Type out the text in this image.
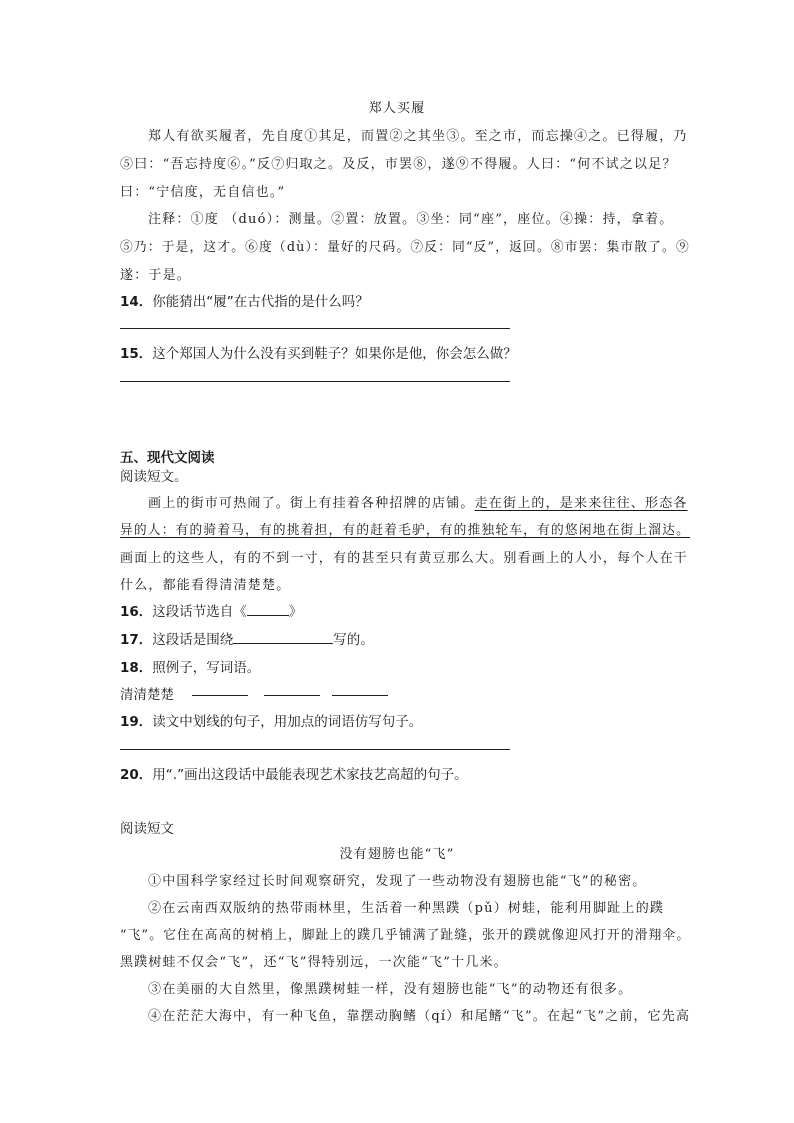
郑人买履
郑人有欲买履者，先自度①其足，而置②之其坐③。至之市，而忘操④之。已得履，乃
⑤曰：“吾忘持度⑥。”反⑦归取之。及反，市罢⑧，遂⑨不得履。人曰：“何不试之以足？
曰：“宁信度，无自信也。”
注释：①度 （duó）：测量。②置：放置。③坐：同“座”，座位。④操：持，拿着。
⑤乃：于是，这才。⑥度（dù）：量好的尺码。⑦反：同“反”，返回。⑧市罢：集市散了。⑨
遂：于是。
14．你能猜出“履”在古代指的是什么吗？
15．这个郑国人为什么没有买到鞋子？如果你是他，你会怎么做？
五、现代文阅读
阅读短文。
画上的街市可热闹了。街上有挂着各种招牌的店铺。走在街上的，是来来往往、形态各
异的人：有的骑着马，有的挑着担，有的赶着毛驴，有的推独轮车，有的悠闲地在街上溜达。
画面上的这些人，有的不到一寸，有的甚至只有黄豆那么大。别看画上的人小，每个人在干
什么，都能看得清清楚楚。
16．这段话节选自《	》
17．这段话是围绕	写的。
18．照例子，写词语。
清清楚楚
19．读文中划线的句子，用加点的词语仿写句子。
20．用“.”画出这段话中最能表现艺术家技艺高超的句子。
阅读短文
没有翅膀也能“飞”
①中国科学家经过长时间观察研究，发现了一些动物没有翅膀也能“飞”的秘密。
②在云南西双版纳的热带雨林里，生活着一种黑蹼（pǔ）树蛙，能利用脚趾上的蹼
“飞”。它住在高高的树梢上，脚趾上的蹼几乎铺满了趾缝，张开的蹼就像迎风打开的滑翔伞。
黑蹼树蛙不仅会“飞”，还“飞”得特别远，一次能“飞”十几米。
③在美丽的大自然里，像黑蹼树蛙一样，没有翅膀也能“飞”的动物还有很多。
④在茫茫大海中，有一种飞鱼，靠摆动胸鳍（qí）和尾鳍“飞”。在起“飞”之前，它先高
